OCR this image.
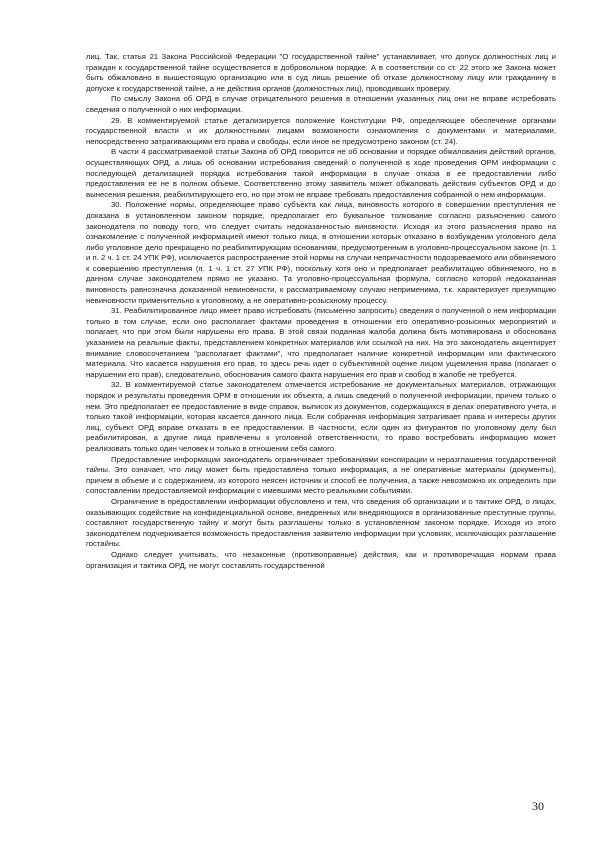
лиц. Так, статья 21 Закона Российской Федерации "О государственной тайне" устанавливает, что допуск должностных лиц и граждан к государственной тайне осуществляется в добровольном порядке. А в соответствии со ст. 22 этого же Закона может быть обжаловано в вышестоящую организацию или в суд лишь решение об отказе должностному лицу или гражданину в допуске к государственной тайне, а не действия органов (должностных лиц), проводивших проверку.

По смыслу Закона об ОРД в случае отрицательного решения в отношении указанных лиц они не вправе истребовать сведения о полученной о них информации.

29. В комментируемой статье детализируется положение Конституции РФ, определяющее обеспечение органами государственной власти и их должностными лицами возможности ознакомления с документами и материалами, непосредственно затрагивающими его права и свободы, если иное не предусмотрено законом (ст. 24).

В части 4 рассматриваемой статьи Закона об ОРД говорится не об основании и порядке обжалования действий органов, осуществляющих ОРД, а лишь об основании истребования сведений о полученной в ходе проведения ОРМ информации с последующей детализацией порядка истребования такой информации в случае отказа в ее предоставлении либо предоставления ее не в полном объеме. Соответственно этому заявитель может обжаловать действия субъектов ОРД и до вынесения решения, реабилитирующего его, но при этом не вправе требовать предоставления собранной о нем информации.

30. Положение нормы, определяющее право субъекта как лица, виновность которого в совершении преступления не доказана в установленном законом порядке, предполагает его буквальное толкование согласно разъяснению самого законодателя по поводу того, что следует считать недоказанностью виновности. Исходя из этого разъяснения право на ознакомление с полученной информацией имеют только лица, в отношении которых отказано в возбуждении уголовного дела либо уголовное дело прекращено по реабилитирующим основаниям, предусмотренным в уголовно-процессуальном законе (п. 1 и п. 2 ч. 1 ст. 24 УПК РФ), исключается распространение этой нормы на случаи непричастности подозреваемого или обвиняемого к совершению преступления (п. 1 ч. 1 ст. 27 УПК РФ), поскольку хотя оно и предполагает реабилитацию обвиняемого, но в данном случае законодателем прямо не указано. Та уголовно-процессуальная формула, согласно которой недоказанная виновность равнозначна доказанной невиновности, к рассматриваемому случаю неприменима, т.к. характеризует презумпцию невиновности применительно к уголовному, а не оперативно-розыскному процессу.

31. Реабилитированное лицо имеет право истребовать (письменно запросить) сведения о полученной о нем информации только в том случае, если оно располагает фактами проведения в отношении его оперативно-розыскных мероприятий и полагает, что при этом были нарушены его права. В этой связи поданная жалоба должна быть мотивирована и обоснована указанием на реальные факты, представлением конкретных материалов или ссылкой на них. На это законодатель акцентирует внимание словосочетанием "располагает фактами", что предполагает наличие конкретной информации или фактического материала. Что касается нарушения его прав, то здесь речь идет о субъективной оценке лицом ущемления права (полагает о нарушении его прав), следовательно, обоснования самого факта нарушения его прав и свобод в жалобе не требуется.

32. В комментируемой статье законодателем отмечается истребование не документальных материалов, отражающих порядок и результаты проведения ОРМ в отношении их объекта, а лишь сведений о полученной информации, причем только о нем. Это предполагает ее предоставление в виде справок, выписок из документов, содержащихся в делах оперативного учета, и только такой информации, которая касается данного лица. Если собранная информация затрагивает права и интересы других лиц, субъект ОРД вправе отказать в ее предоставлении. В частности, если один из фигурантов по уголовному делу был реабилитирован, а другие лица привлечены к уголовной ответственности, то право востребовать информацию может реализовать только один человек и только в отношении себя самого.

Предоставление информации законодатель ограничивает требованиями конспирации и неразглашения государственной тайны. Это означает, что лицу может быть предоставлена только информация, а не оперативные материалы (документы), причем в объеме и с содержанием, из которого неясен источник и способ ее получения, а также невозможно их определить при сопоставлении предоставляемой информации с имевшими место реальными событиями.

Ограничение в предоставлении информации обусловлено и тем, что сведения об организации и о тактике ОРД, о лицах, оказывающих содействие на конфиденциальной основе, внедренных или внедряющихся в организованные преступные группы, составляют государственную тайну и могут быть разглашены только в установленном законом порядке. Исходя из этого законодателем подчеркивается возможность предоставления заявителю информации при условиях, исключающих разглашение гостайны.

Однако следует учитывать, что незаконные (противоправные) действия, как и противоречащая нормам права организация и тактика ОРД, не могут составлять государственной

30
